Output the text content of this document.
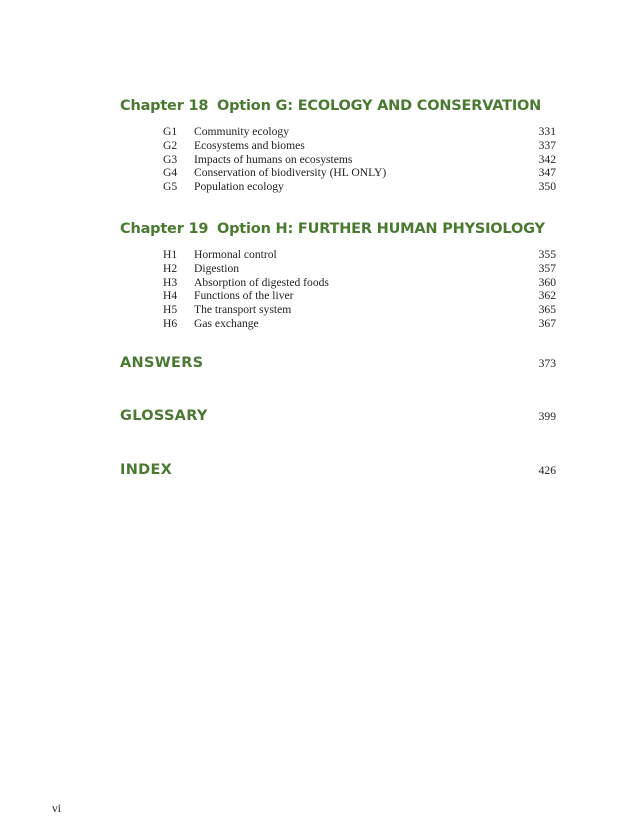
Chapter 18 Option G: ECOLOGY AND CONSERVATION
G1	Community ecology	331
G2	Ecosystems and biomes	337
G3	Impacts of humans on ecosystems	342
G4	Conservation of biodiversity (HL ONLY)	347
G5	Population ecology	350
Chapter 19 Option H: FURTHER HUMAN PHYSIOLOGY
H1	Hormonal control	355
H2	Digestion	357
H3	Absorption of digested foods	360
H4	Functions of the liver	362
H5	The transport system	365
H6	Gas exchange	367
ANSWERS	373
GLOSSARY	399
INDEX	426
vi
